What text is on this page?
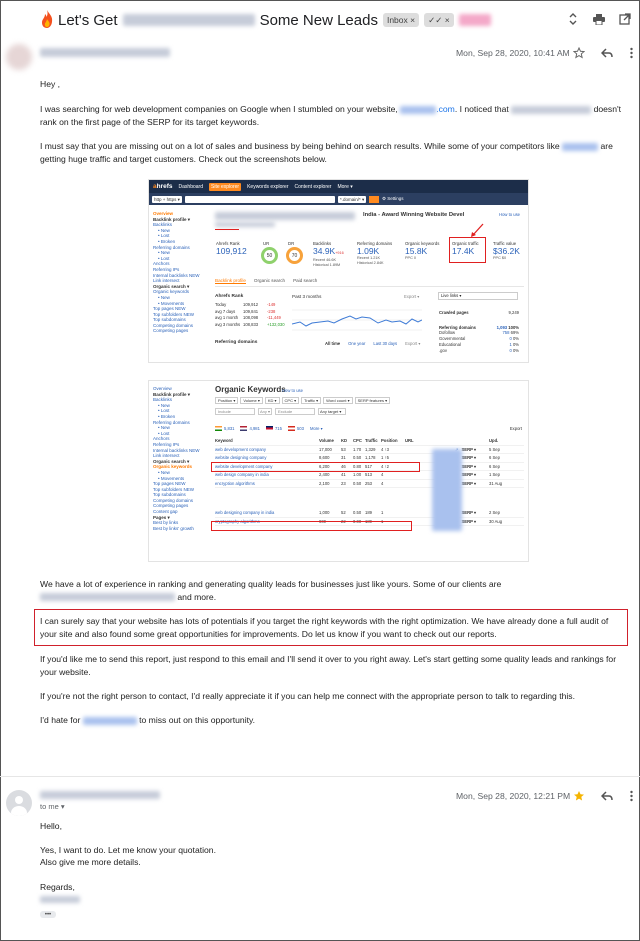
Let's Get	Some New Leads	Inbox ×	✓✓ ×
Mon, Sep 28, 2020, 10:41 AM
Hey ,
I was searching for web development companies on Google when I stumbled on your website,	.com. I noticed that	doesn't rank on the first page of the SERP for its target keywords.
I must say that you are missing out on a lot of sales and business by being behind on search results. While some of your competitors like	are getting huge traffic and target customers. Check out the screenshots below.
ahrefs Dashboard	Site explorer	Keywords explorer Content explorer More ▾
http + https ▾	*.domain/* ▾	⚙ Settings
Overview
Backlink profile ▾
Backlinks
• New
• Lost
• Broken
Referring domains
• New
• Lost
Anchors
Referring IPs
Internal backlinks NEW
Link intersect
Organic search ▾
Organic keywords
• New
• Movements
Top pages NEW
Top subfolders NEW
Top subdomains
Competing domains
Competing pages
India - Award Winning Website Devel	How to use
Ahrefs Rank
109,912
UR
50
DR
70
Backlinks
34.9K+916
Recent 46.6K
Historical 1.89M
Referring domains
1.09K
Recent 1.21K
Historical 2.84K
Organic keywords
15.8K
PPC 0
Organic traffic
17.4K
Traffic value
$36.2K
PPC $0
Backlink profile Organic search Paid search
Ahrefs Rank
Today	109,912	-149
avg 7 days	109,841	-238
avg 1 month	108,098	-11,449
avg 3 months 108,833	+132,030
Past 3 months	Export ▾
Referring domains	All time One year Last 30 days Export ▾
Live links ▾
Crawled pages	9,249
Referring domains	1,093 100%
Dofollow	758 69%
Governmental	0 0%
Educational	1 0%
.gov	0 0%
Overview
Backlink profile ▾
Backlinks
• New
• Lost
• Broken
Referring domains
• New
• Lost
Anchors
Referring IPs
Internal backlinks NEW
Link intersect
Organic search ▾
Organic keywords
• New
• Movements
Top pages NEW
Top subfolders NEW
Top subdomains
Competing domains
Competing pages
Content gap
Pages ▾
Best by links
Best by links' growth
Organic Keywords
How to use
Position ▾	Volume ▾	KD ▾	CPC ▾	Traffic ▾	Word count ▾	SERP features ▾
Include	Any ▾	Exclude	Any target ▾
5,831	4,981	715	503 More ▾	Export
Keyword	Volume	KD	CPC Traffic Position	URL	Upd.
web development company	17,000	53	1.70 1,329	4 ↑3	SERP ▾	5 Sep
website designing company	8,600	31	0.50 1,178	1 ↑5	SERP ▾	6 Sep
website development company	6,200	46	0.80 517	4 ↑2	SERP ▾	6 Sep
web design company in india	2,400	41	1.00 513	4	SERP ▾	1 Sep
encryption algorithms	2,100	23	0.50 253	4	SERP ▾	31 Aug
web designing company in india	1,000	52	0.50 189	1	SERP ▾	2 Sep
cryptography algorithms	900	22	0.00 189	1	SERP ▾	30 Aug
We have a lot of experience in ranking and generating quality leads for businesses just like yours. Some of our clients are  and more.
I can surely say that your website has lots of potentials if you target the right keywords with the right optimization. We have already done a full audit of your site and also found some great opportunities for improvements. Do let us know if you want to check out our reports.
If you'd like me to send this report, just respond to this email and I'll send it over to you right away. Let's start getting some quality leads and rankings for your website.
If you're not the right person to contact, I'd really appreciate it if you can help me connect with the appropriate person to talk to regarding this.
I'd hate for	to miss out on this opportunity.
to me ▾
Mon, Sep 28, 2020, 12:21 PM
Hello,
Yes, I want to do. Let me know your quotation.
Also give me more details.
Regards,
•••
